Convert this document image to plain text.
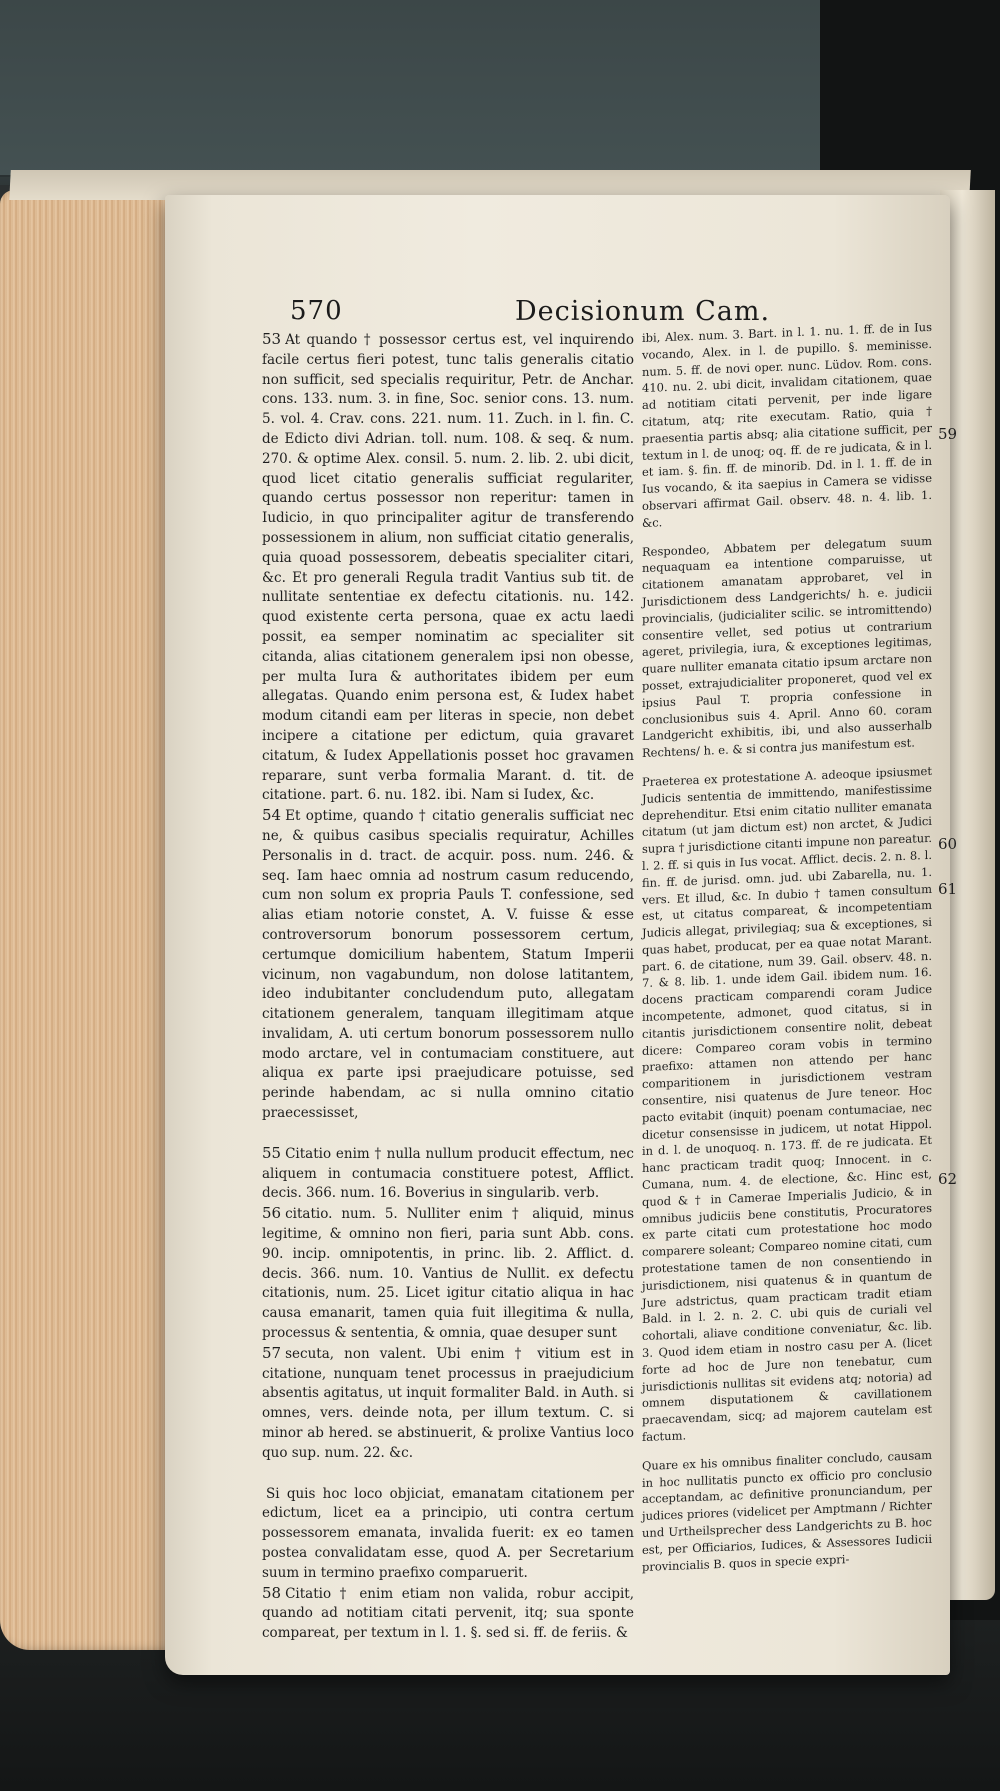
570	Decisionum Cam.

53 At quando † possessor certus est, vel inquirendo facile certus fieri potest, tunc talis generalis citatio non sufficit, sed specialis requiritur, Petr. de Anchar. cons. 133. num. 3. in fine, Soc. senior cons. 13. num. 5. vol. 4. Crav. cons. 221. num. 11. Zuch. in l. fin. C. de Edicto divi Adrian. toll. num. 108. & seq. & num. 270. & optime Alex. consil. 5. num. 2. lib. 2. ubi dicit, quod licet citatio generalis sufficiat regulariter, quando certus possessor non reperitur: tamen in Iudicio, in quo principaliter agitur de transferendo possessionem in alium, non sufficiat citatio generalis, quia quoad possessorem, debeatis specialiter citari, &c. Et pro generali Regula tradit Vantius sub tit. de nullitate sententiae ex defectu citationis. nu. 142. quod existente certa persona, quae ex actu laedi possit, ea semper nominatim ac specialiter sit citanda, alias citationem generalem ipsi non obesse, per multa Iura & authoritates ibidem per eum allegatas. Quando enim persona est, & Iudex habet modum citandi eam per literas in specie, non debet incipere a citatione per edictum, quia gravaret citatum, & Iudex Appellationis posset hoc gravamen reparare, sunt verba formalia Marant. d. tit. de citatione. part. 6. nu. 182. ibi. Nam si Iudex, &c.

54 Et optime, quando † citatio generalis sufficiat nec ne, & quibus casibus specialis requiratur, Achilles Personalis in d. tract. de acquir. poss. num. 246. & seq. Iam haec omnia ad nostrum casum reducendo, cum non solum ex propria Pauls T. confessione, sed alias etiam notorie constet, A. V. fuisse & esse controversorum bonorum possessorem certum, certumque domicilium habentem, Statum Imperii vicinum, non vagabundum, non dolose latitantem, ideo indubitanter concludendum puto, allegatam citationem generalem, tanquam illegitimam atque invalidam, A. uti certum bonorum possessorem nullo modo arctare, vel in contumaciam constituere, aut aliqua ex parte ipsi praejudicare potuisse, sed perinde habendam, ac si nulla omnino citatio praecessisset,

55 Citatio enim † nulla nullum producit effectum, nec aliquem in contumacia constituere potest, Afflict. decis. 366. num. 16. Boverius in singularib. verb.

56 citatio. num. 5. Nulliter enim † aliquid, minus legitime, & omnino non fieri, paria sunt Abb. cons. 90. incip. omnipotentis, in princ. lib. 2. Afflict. d. decis. 366. num. 10. Vantius de Nullit. ex defectu citationis, num. 25. Licet igitur citatio aliqua in hac causa emanarit, tamen quia fuit illegitima & nulla, processus & sententia, & omnia, quae desuper sunt

57 secuta, non valent. Ubi enim † vitium est in citatione, nunquam tenet processus in praejudicium absentis agitatus, ut inquit formaliter Bald. in Auth. si omnes, vers. deinde nota, per illum textum. C. si minor ab hered. se abstinuerit, & prolixe Vantius loco quo sup. num. 22. &c.

Si quis hoc loco objiciat, emanatam citationem per edictum, licet ea a principio, uti contra certum possessorem emanata, invalida fuerit: ex eo tamen postea convalidatam esse, quod A. per Secretarium suum in termino praefixo comparuerit.

58 Citatio † enim etiam non valida, robur accipit, quando ad notitiam citati pervenit, itq; sua sponte compareat, per textum in l. 1. §. sed si. ff. de feriis. &

ibi, Alex. num. 3. Bart. in l. 1. nu. 1. ff. de in Ius vocando, Alex. in l. de pupillo. §. meminisse. num. 5. ff. de novi oper. nunc. Lüdov. Rom. cons. 410. nu. 2. ubi dicit, invalidam citationem, quae ad notitiam citati pervenit, per inde ligare citatum, atq; rite executam. Ratio, quia † praesentia partis absq; alia citatione sufficit, per textum in l. de unoq; oq. ff. de re judicata, & in l. et iam. §. fin. ff. de minorib. Dd. in l. 1. ff. de in Ius vocando, & ita saepius in Camera se vidisse observari affirmat Gail. observ. 48. n. 4. lib. 1. &c.

Respondeo, Abbatem per delegatum suum nequaquam ea intentione comparuisse, ut citationem amanatam approbaret, vel in Jurisdictionem dess Landgerichts/ h. e. judicii provincialis, (judicialiter scilic. se intromittendo) consentire vellet, sed potius ut contrarium ageret, privilegia, iura, & exceptiones legitimas, quare nulliter emanata citatio ipsum arctare non posset, extrajudicialiter proponeret, quod vel ex ipsius Paul T. propria confessione in conclusionibus suis 4. April. Anno 60. coram Landgericht exhibitis, ibi, und also ausserhalb Rechtens/ h. e. & si contra jus manifestum est.

Praeterea ex protestatione A. adeoque ipsiusmet Judicis sententia de immittendo, manifestissime deprehenditur. Etsi enim citatio nulliter emanata citatum (ut jam dictum est) non arctet, & Judici supra † jurisdictione citanti impune non pareatur. l. 2. ff. si quis in Ius vocat. Afflict. decis. 2. n. 8. l. fin. ff. de jurisd. omn. jud. ubi Zabarella, nu. 1. vers. Et illud, &c. In dubio † tamen consultum est, ut citatus compareat, & incompetentiam Judicis allegat, privilegiaq; sua & exceptiones, si quas habet, producat, per ea quae notat Marant. part. 6. de citatione, num 39. Gail. observ. 48. n. 7. & 8. lib. 1. unde idem Gail. ibidem num. 16. docens practicam comparendi coram Judice incompetente, admonet, quod citatus, si in citantis jurisdictionem consentire nolit, debeat dicere: Compareo coram vobis in termino praefixo: attamen non attendo per hanc comparitionem in jurisdictionem vestram consentire, nisi quatenus de Jure teneor. Hoc pacto evitabit (inquit) poenam contumaciae, nec dicetur consensisse in judicem, ut notat Hippol. in d. l. de unoquoq. n. 173. ff. de re judicata. Et hanc practicam tradit quoq; Innocent. in c. Cumana, num. 4. de electione, &c. Hinc est, quod & † in Camerae Imperialis Judicio, & in omnibus judiciis bene constitutis, Procuratores ex parte citati cum protestatione hoc modo comparere soleant; Compareo nomine citati, cum protestatione tamen de non consentiendo in jurisdictionem, nisi quatenus & in quantum de Jure adstrictus, quam practicam tradit etiam Bald. in l. 2. n. 2. C. ubi quis de curiali vel cohortali, aliave conditione conveniatur, &c. lib. 3. Quod idem etiam in nostro casu per A. (licet forte ad hoc de Jure non tenebatur, cum jurisdictionis nullitas sit evidens atq; notoria) ad omnem disputationem & cavillationem praecavendam, sicq; ad majorem cautelam est factum.

Quare ex his omnibus finaliter concludo, causam in hoc nullitatis puncto ex officio pro conclusio acceptandam, ac definitive pronunciandum, per judices priores (videlicet per Amptmann / Richter und Urtheilsprecher dess Landgerichts zu B. hoc est, per Officiarios, Iudices, & Assessores Iudicii provincialis B. quos in specie expri-

59
60
61
62
